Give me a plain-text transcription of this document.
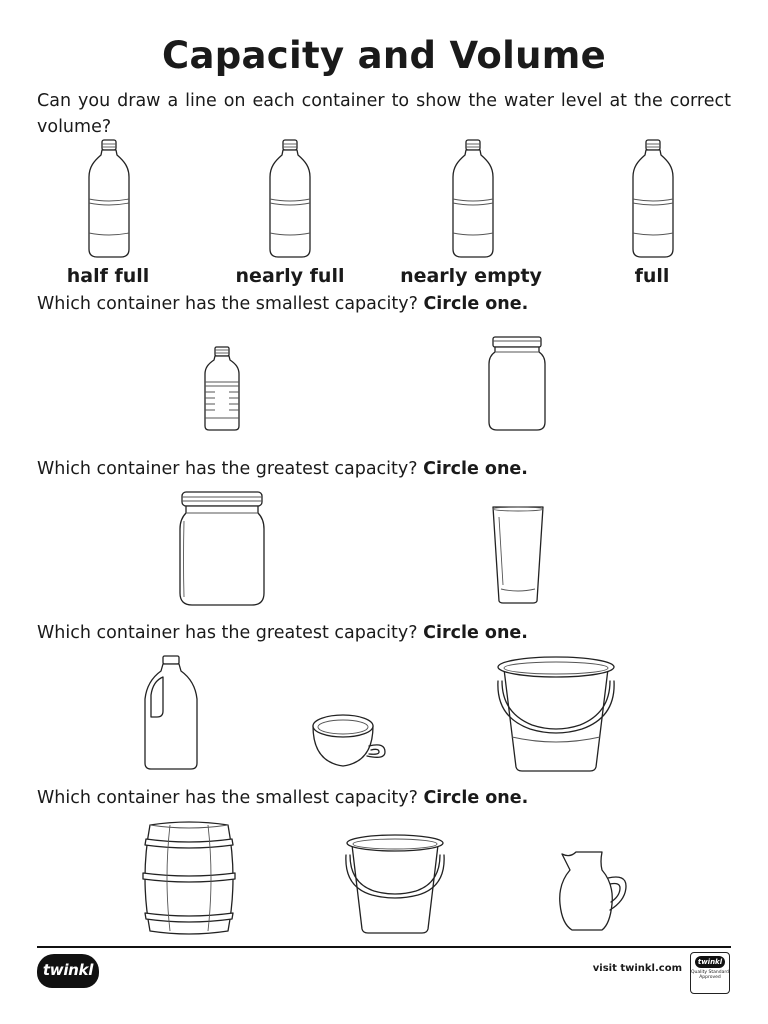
Capacity and Volume
Can you draw a line on each container to show the water level at the correct volume?
half full	nearly full	nearly empty	full
Which container has the smallest capacity? Circle one.
Which container has the greatest capacity? Circle one.
Which container has the greatest capacity? Circle one.
Which container has the smallest capacity? Circle one.
twinkl	visit twinkl.com
twinkl
Quality Standard Approved
